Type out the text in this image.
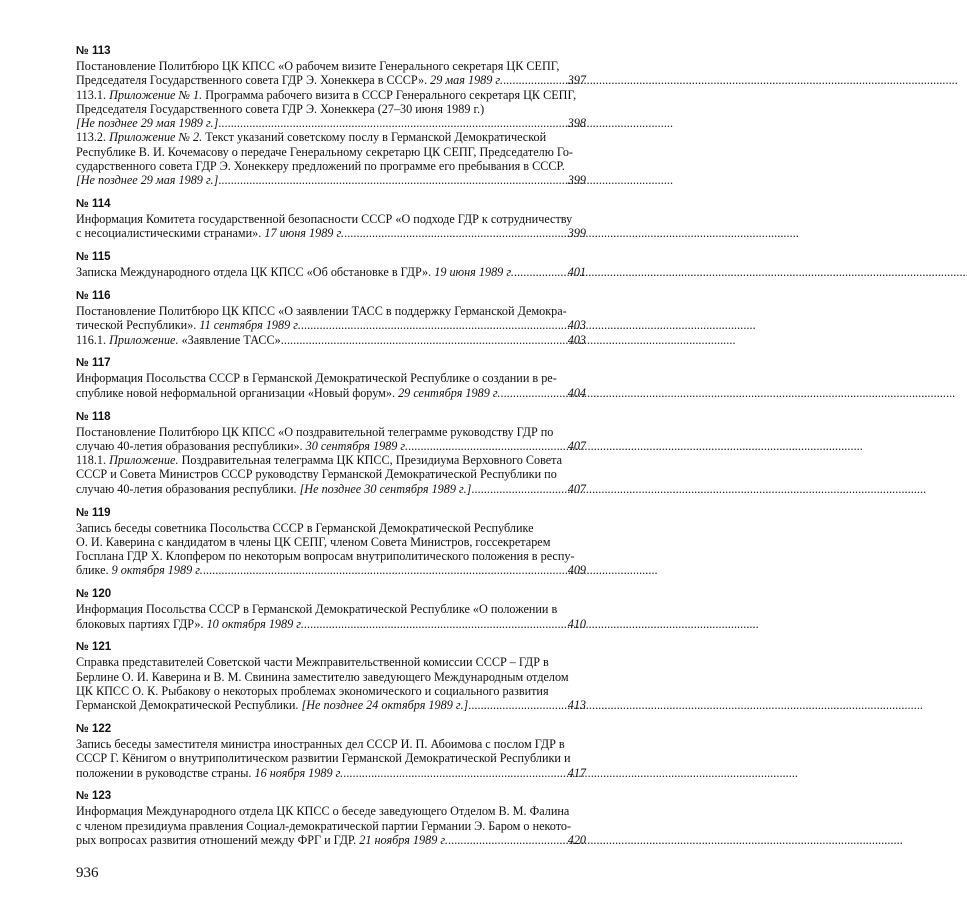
№ 113
Постановление Политбюро ЦК КПСС «О рабочем визите Генерального секретаря ЦК СЕПГ,
Председателя Государственного совета ГДР Э. Хонеккера в СССР». 29 мая 1989 г. . . .	397
113.1. Приложение № 1. Программа рабочего визита в СССР Генерального секретаря ЦК СЕПГ,
Председателя Государственного совета ГДР Э. Хонеккера (27–30 июня 1989 г.)
[Не позднее 29 мая 1989 г.] . . .	398
113.2. Приложение № 2. Текст указаний советскому послу в Германской Демократической
Республике В. И. Кочемасову о передаче Генеральному секретарю ЦК СЕПГ, Председателю Го-
сударственного совета ГДР Э. Хонеккеру предложений по программе его пребывания в СССР.
[Не позднее 29 мая 1989 г.] . . .	399
№ 114
Информация Комитета государственной безопасности СССР «О подходе ГДР к сотрудничеству
с несоциалистическими странами». 17 июня 1989 г. . . .	399
№ 115
Записка Международного отдела ЦК КПСС «Об обстановке в ГДР». 19 июня 1989 г. . . .	401
№ 116
Постановление Политбюро ЦК КПСС «О заявлении ТАСС в поддержку Германской Демокра-
тической Республики». 11 сентября 1989 г. . . .	403
116.1. Приложение. «Заявление ТАСС» . . .	403
№ 117
Информация Посольства СССР в Германской Демократической Республике о создании в ре-
спублике новой неформальной организации «Новый форум». 29 сентября 1989 г. . . .	404
№ 118
Постановление Политбюро ЦК КПСС «О поздравительной телеграмме руководству ГДР по
случаю 40-летия образования республики». 30 сентября 1989 г. . . .	407
118.1. Приложение. Поздравительная телеграмма ЦК КПСС, Президиума Верховного Совета
СССР и Совета Министров СССР руководству Германской Демократической Республики по
случаю 40-летия образования республики. [Не позднее 30 сентября 1989 г.] . . .	407
№ 119
Запись беседы советника Посольства СССР в Германской Демократической Республике
О. И. Каверина с кандидатом в члены ЦК СЕПГ, членом Совета Министров, госсекретарем
Госплана ГДР Х. Клопфером по некоторым вопросам внутриполитического положения в респу-
блике. 9 октября 1989 г. . . .	409
№ 120
Информация Посольства СССР в Германской Демократической Республике «О положении в
блоковых партиях ГДР». 10 октября 1989 г. . . .	410
№ 121
Справка представителей Советской части Межправительственной комиссии СССР – ГДР в
Берлине О. И. Каверина и В. М. Свинина заместителю заведующего Международным отделом
ЦК КПСС О. К. Рыбакову о некоторых проблемах экономического и социального развития
Германской Демократической Республики. [Не позднее 24 октября 1989 г.] . . .	413
№ 122
Запись беседы заместителя министра иностранных дел СССР И. П. Абоимова с послом ГДР в
СССР Г. Кёнигом о внутриполитическом развитии Германской Демократической Республики и
положении в руководстве страны. 16 ноября 1989 г. . . .	417
№ 123
Информация Международного отдела ЦК КПСС о беседе заведующего Отделом В. М. Фалина
с членом президиума правления Социал-демократической партии Германии Э. Баром о некото-
рых вопросах развития отношений между ФРГ и ГДР. 21 ноября 1989 г. . . .	420
936
